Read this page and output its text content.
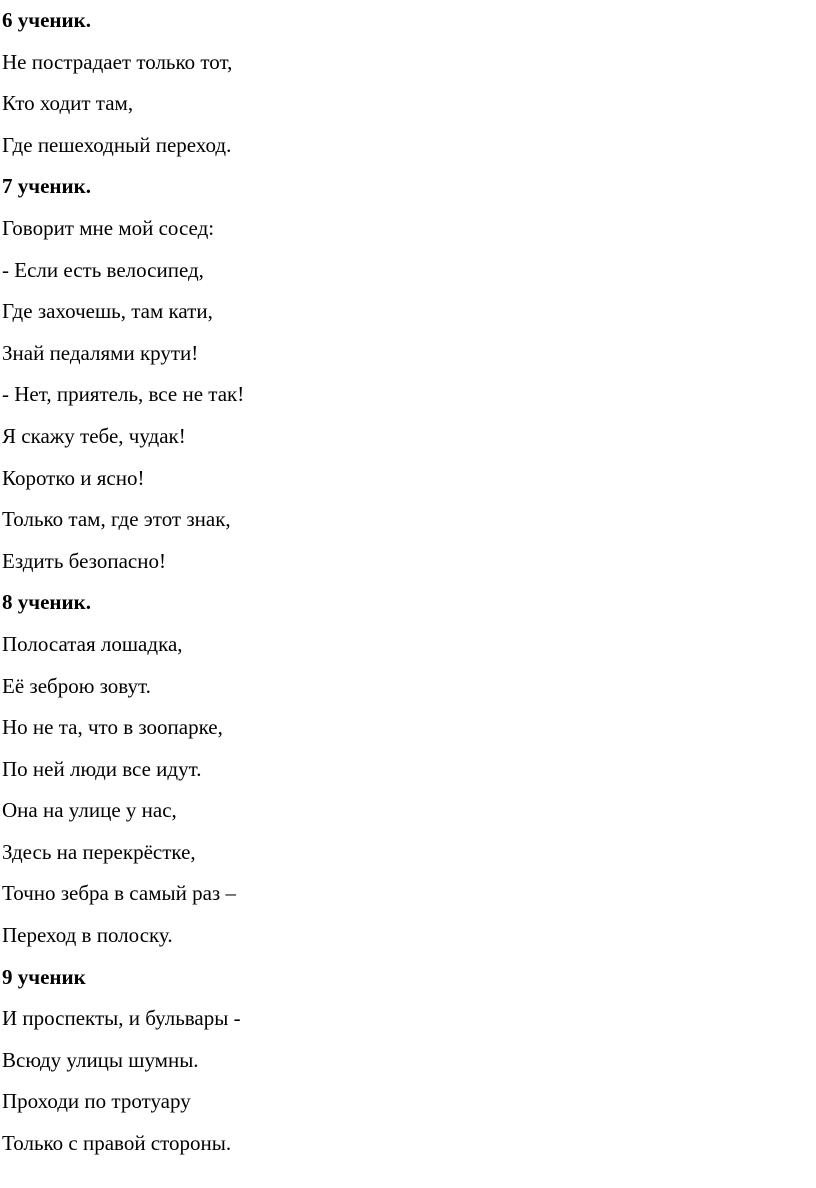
6 ученик.
Не пострадает только тот,
Кто ходит там,
Где пешеходный переход.
7 ученик.
Говорит мне мой сосед:
- Если есть велосипед,
Где захочешь, там кати,
Знай педалями крути!
- Нет, приятель, все не так!
Я скажу тебе, чудак!
Коротко и ясно!
Только там, где этот знак,
Ездить безопасно!
8 ученик.
Полосатая лошадка,
Её зеброю зовут.
Но не та, что в зоопарке,
По ней люди все идут.
Она на улице у нас,
Здесь на перекрёстке,
Точно зебра в самый раз –
Переход в полоску.
9 ученик
И проспекты, и бульвары -
Всюду улицы шумны.
Проходи по тротуару
Только с правой стороны.
